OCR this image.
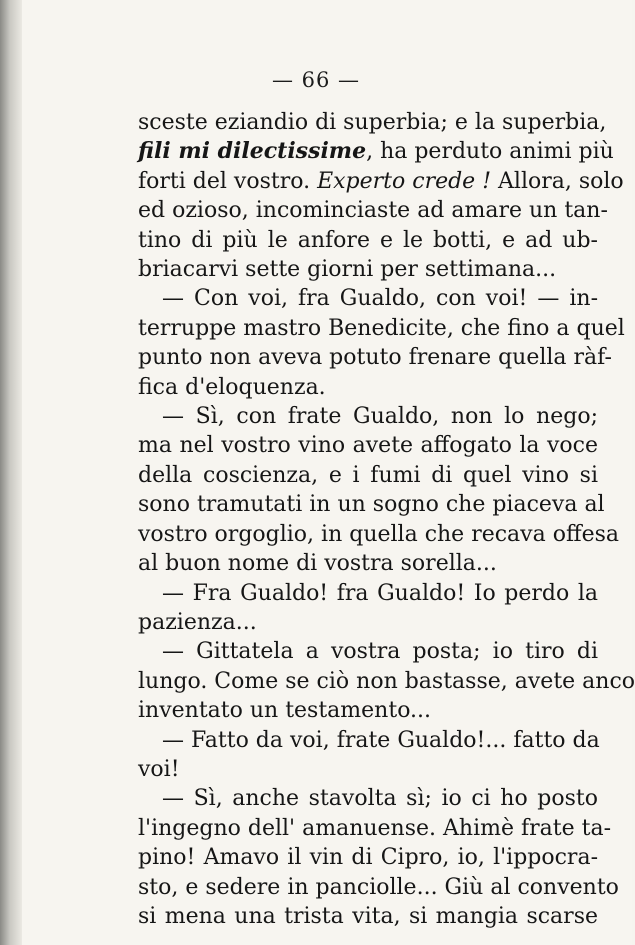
— 66 —
sceste eziandio di superbia; e la superbia,
fili mi dilectissime, ha perduto animi più
forti del vostro. Experto crede ! Allora, solo
ed ozioso, incominciaste ad amare un tan-
tino di più le anfore e le botti, e ad ub-
briacarvi sette giorni per settimana...
— Con voi, fra Gualdo, con voi! — in-
terruppe mastro Benedicite, che fino a quel
punto non aveva potuto frenare quella ràf-
fica d'eloquenza.
— Sì, con frate Gualdo, non lo nego;
ma nel vostro vino avete affogato la voce
della coscienza, e i fumi di quel vino si
sono tramutati in un sogno che piaceva al
vostro orgoglio, in quella che recava offesa
al buon nome di vostra sorella...
— Fra Gualdo! fra Gualdo! Io perdo la
pazienza...
— Gittatela a vostra posta; io tiro di
lungo. Come se ciò non bastasse, avete anco
inventato un testamento...
— Fatto da voi, frate Gualdo!... fatto da
voi!
— Sì, anche stavolta sì; io ci ho posto
l'ingegno dell' amanuense. Ahimè frate ta-
pino! Amavo il vin di Cipro, io, l'ippocra-
sto, e sedere in panciolle... Giù al convento
si mena una trista vita, si mangia scarse
